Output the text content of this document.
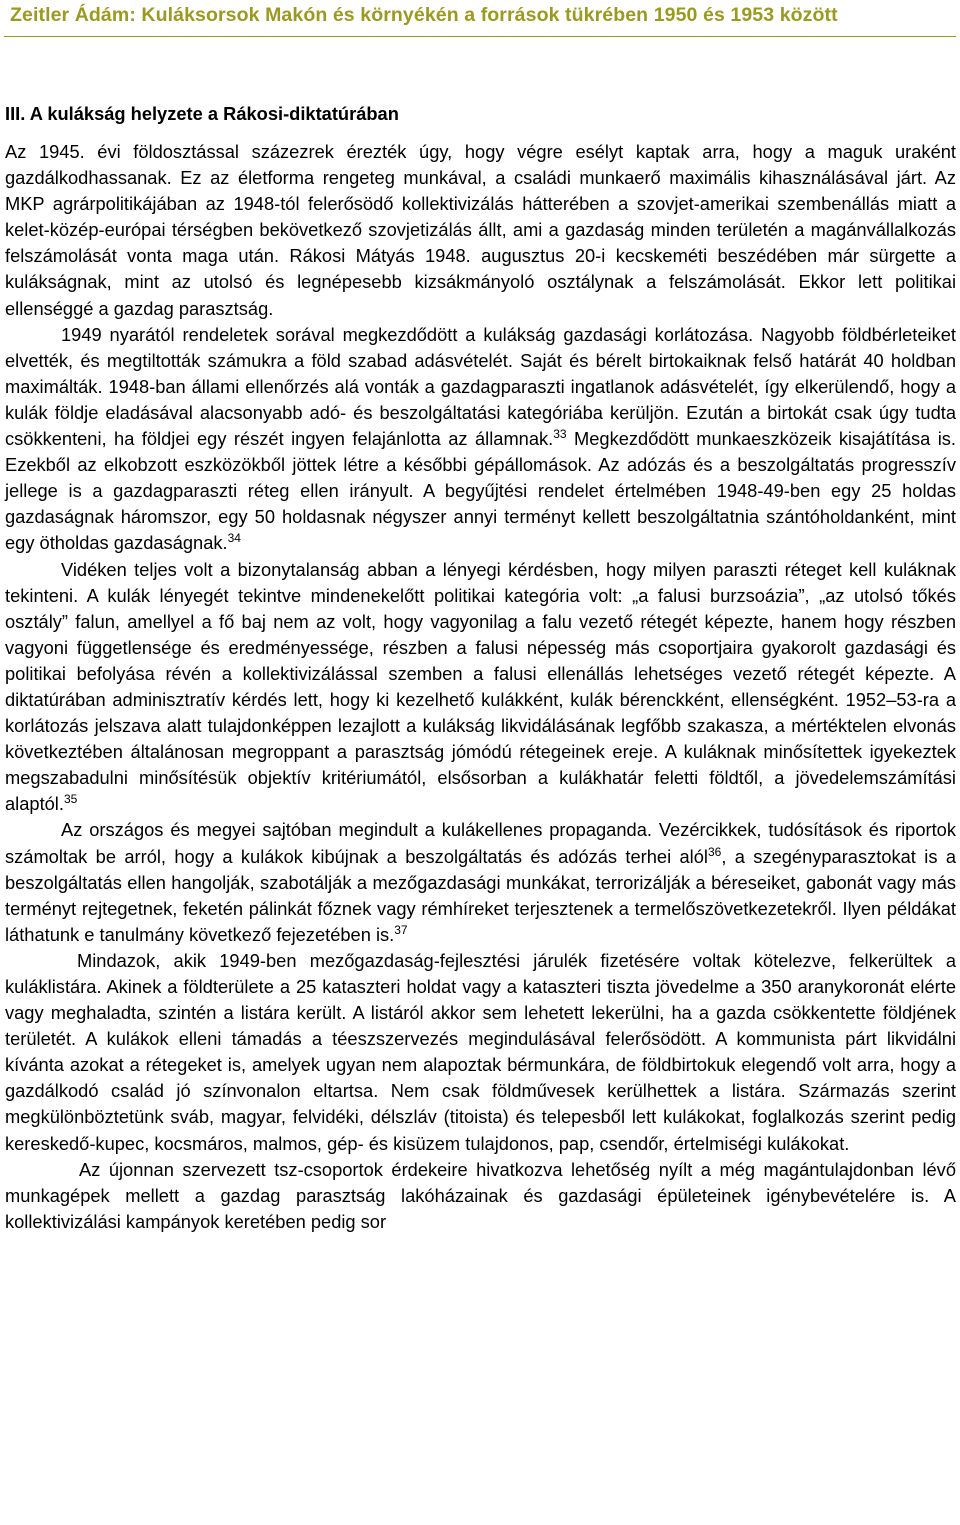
Zeitler Ádám: Kuláksorsok Makón és környékén a források tükrében 1950 és 1953 között
III. A kulákság helyzete a Rákosi-diktatúrában

Az 1945. évi földosztással százezrek érezték úgy, hogy végre esélyt kaptak arra, hogy a maguk uraként gazdálkodhassanak. Ez az életforma rengeteg munkával, a családi munkaerő maximális kihasználásával járt. Az MKP agrárpolitikájában az 1948-tól felerősödő kollektivizálás hátterében a szovjet-amerikai szembenállás miatt a kelet-közép-európai térségben bekövetkező szovjetizálás állt, ami a gazdaság minden területén a magánvállalkozás felszámolását vonta maga után. Rákosi Mátyás 1948. augusztus 20-i kecskeméti beszédében már sürgette a kulákságnak, mint az utolsó és legnépesebb kizsákmányoló osztálynak a felszámolását. Ekkor lett politikai ellenséggé a gazdag parasztság.

1949 nyarától rendeletek sorával megkezdődött a kulákság gazdasági korlátozása. Nagyobb földbérleteiket elvették, és megtiltották számukra a föld szabad adásvételét. Saját és bérelt birtokaiknak felső határát 40 holdban maximálták. 1948-ban állami ellenőrzés alá vonták a gazdagparaszti ingatlanok adásvételét, így elkerülendő, hogy a kulák földje eladásával alacsonyabb adó- és beszolgáltatási kategóriába kerüljön. Ezután a birtokát csak úgy tudta csökkenteni, ha földjei egy részét ingyen felajánlotta az államnak.$^{33}$ Megkezdődött munkaeszközeik kisajátítása is. Ezekből az elkobzott eszközökből jöttek létre a későbbi gépállomások. Az adózás és a beszolgáltatás progresszív jellege is a gazdagparaszti réteg ellen irányult. A begyűjtési rendelet értelmében 1948-49-ben egy 25 holdas gazdaságnak háromszor, egy 50 holdasnak négyszer annyi terményt kellett beszolgáltatnia szántóholdanként, mint egy ötholdas gazdaságnak.$^{34}$

Vidéken teljes volt a bizonytalanság abban a lényegi kérdésben, hogy milyen paraszti réteget kell kuláknak tekinteni. A kulák lényegét tekintve mindenekelőtt politikai kategória volt: „a falusi burzsoázia”, „az utolsó tőkés osztály” falun, amellyel a fő baj nem az volt, hogy vagyonilag a falu vezető rétegét képezte, hanem hogy részben vagyoni függetlensége és eredményessége, részben a falusi népesség más csoportjaira gyakorolt gazdasági és politikai befolyása révén a kollektivizálással szemben a falusi ellenállás lehetséges vezető rétegét képezte. A diktatúrában adminisztratív kérdés lett, hogy ki kezelhető kulákként, kulák bérenckként, ellenségként. 1952–53-ra a korlátozás jelszava alatt tulajdonképpen lezajlott a kulákság likvidálásának legfőbb szakasza, a mértéktelen elvonás következtében általánosan megroppant a parasztság jómódú rétegeinek ereje. A kuláknak minősítettek igyekeztek megszabadulni minősítésük objektív kritériumától, elsősorban a kulákhatár feletti földtől, a jövedelemszámítási alaptól.$^{35}$

Az országos és megyei sajtóban megindult a kulákellenes propaganda. Vezércikkek, tudósítások és riportok számoltak be arról, hogy a kulákok kibújnak a beszolgáltatás és adózás terhei alól$^{36}$, a szegényparasztokat is a beszolgáltatás ellen hangolják, szabotálják a mezőgazdasági munkákat, terrorizálják a béreseiket, gabonát vagy más terményt rejtegetnek, feketén pálinkát főznek vagy rémhíreket terjesztenek a termelőszövetkezetekről. Ilyen példákat láthatunk e tanulmány következő fejezetében is.$^{37}$

Mindazok, akik 1949-ben mezőgazdaság-fejlesztési járulék fizetésére voltak kötelezve, felkerültek a kuláklistára. Akinek a földterülete a 25 kataszteri holdat vagy a kataszteri tiszta jövedelme a 350 aranykoronát elérte vagy meghaladta, szintén a listára került. A listáról akkor sem lehetett lekerülni, ha a gazda csökkentette földjének területét. A kulákok elleni támadás a téeszszervezés megindulásával felerősödött. A kommunista párt likvidálni kívánta azokat a rétegeket is, amelyek ugyan nem alapoztak bérmunkára, de földbirtokuk elegendő volt arra, hogy a gazdálkodó család jó színvonalon eltartsa. Nem csak földművesek kerülhettek a listára. Származás szerint megkülönböztetünk sváb, magyar, felvidéki, délszláv (titoista) és telepesből lett kulákokat, foglalkozás szerint pedig kereskedő-kupec, kocsmáros, malmos, gép- és kisüzem tulajdonos, pap, csendőr, értelmiségi kulákokat.

Az újonnan szervezett tsz-csoportok érdekeire hivatkozva lehetőség nyílt a még magántulajdonban lévő munkagépek mellett a gazdag parasztság lakóházainak és gazdasági épületeinek igénybevételére is. A kollektivizálási kampányok keretében pedig sor
